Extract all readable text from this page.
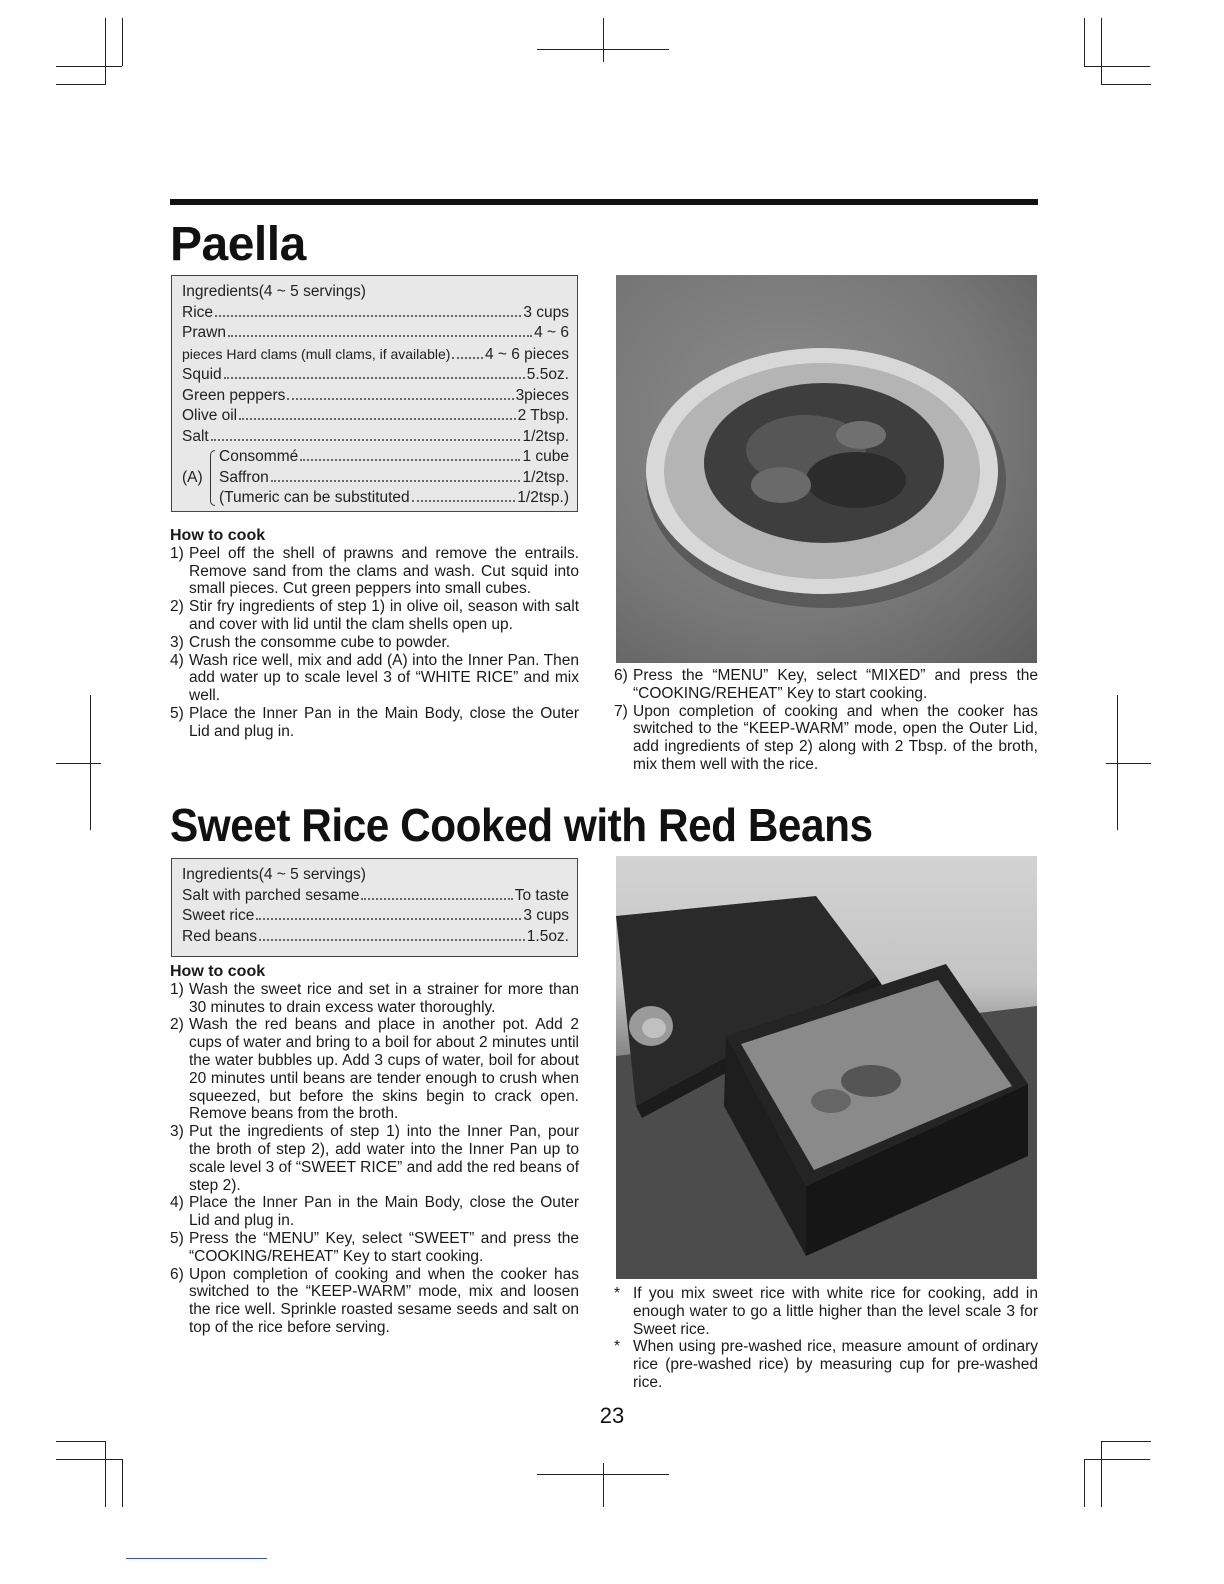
Paella
Ingredients(4 ~ 5 servings)
Rice	3 cups
Prawn	4 ~ 6
pieces Hard clams (mull clams, if available) 4 ~ 6 pieces
Squid	5.5oz.
Green peppers	3pieces
Olive oil	2 Tbsp.
Salt	1/2tsp.
(A)
Consommé	1 cube
Saffron	1/2tsp.
(Tumeric can be substituted	1/2tsp.)
How to cook
1) Peel off the shell of prawns and remove the entrails. Remove sand from the clams and wash. Cut squid into small pieces. Cut green peppers into small cubes.
2) Stir fry ingredients of step 1) in olive oil, season with salt and cover with lid until the clam shells open up.
3) Crush the consomme cube to powder.
4) Wash rice well, mix and add (A) into the Inner Pan. Then add water up to scale level 3 of “WHITE RICE” and mix well.
5) Place the Inner Pan in the Main Body, close the Outer Lid and plug in.
6) Press the “MENU” Key, select “MIXED” and press the “COOKING/REHEAT” Key to start cooking.
7) Upon completion of cooking and when the cooker has switched to the “KEEP-WARM” mode, open the Outer Lid, add ingredients of step 2) along with 2 Tbsp. of the broth, mix them well with the rice.
Sweet Rice Cooked with Red Beans
Ingredients(4 ~ 5 servings)
Salt with parched sesame	To taste
Sweet rice	3 cups
Red beans	1.5oz.
How to cook
1) Wash the sweet rice and set in a strainer for more than 30 minutes to drain excess water thoroughly.
2) Wash the red beans and place in another pot. Add 2 cups of water and bring to a boil for about 2 minutes until the water bubbles up. Add 3 cups of water, boil for about 20 minutes until beans are tender enough to crush when squeezed, but before the skins begin to crack open. Remove beans from the broth.
3) Put the ingredients of step 1) into the Inner Pan, pour the broth of step 2), add water into the Inner Pan up to scale level 3 of “SWEET RICE” and add the red beans of step 2).
4) Place the Inner Pan in the Main Body, close the Outer Lid and plug in.
5) Press the “MENU” Key, select “SWEET” and press the “COOKING/REHEAT” Key to start cooking.
6) Upon completion of cooking and when the cooker has switched to the “KEEP-WARM” mode, mix and loosen the rice well. Sprinkle roasted sesame seeds and salt on top of the rice before serving.
* If you mix sweet rice with white rice for cooking, add in enough water to go a little higher than the level scale 3 for Sweet rice.
* When using pre-washed rice, measure amount of ordinary rice (pre-washed rice) by measuring cup for pre-washed rice.
23
